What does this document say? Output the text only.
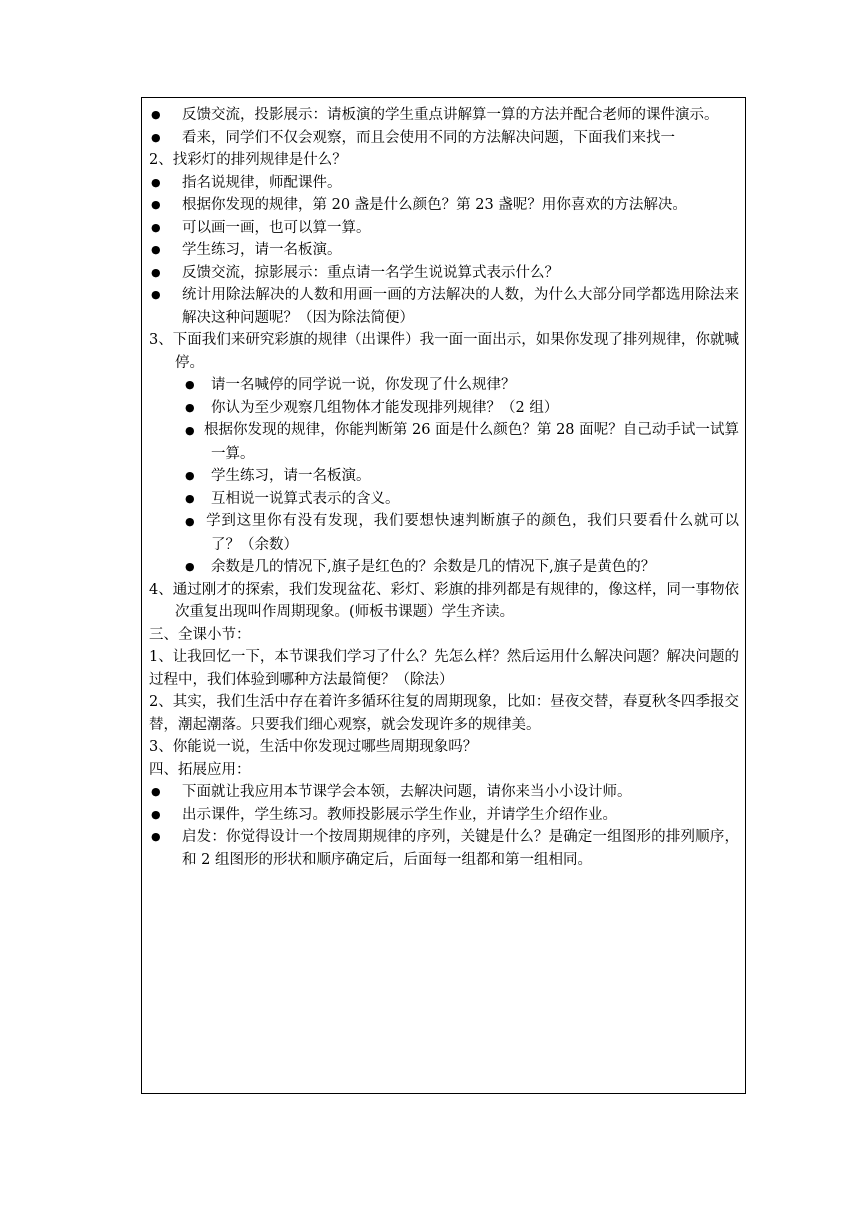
● 反馈交流，投影展示：请板演的学生重点讲解算一算的方法并配合老师的课件演示。

● 看来，同学们不仅会观察，而且会使用不同的方法解决问题，下面我们来找一

2、找彩灯的排列规律是什么？

● 指名说规律，师配课件。

● 根据你发现的规律，第 20 盏是什么颜色？第 23 盏呢？用你喜欢的方法解决。

● 可以画一画，也可以算一算。

● 学生练习，请一名板演。

● 反馈交流，掠影展示：重点请一名学生说说算式表示什么？

● 统计用除法解决的人数和用画一画的方法解决的人数，为什么大部分同学都选用除法来解决这种问题呢？（因为除法简便）

3、下面我们来研究彩旗的规律（出课件）我一面一面出示，如果你发现了排列规律，你就喊停。

● 请一名喊停的同学说一说，你发现了什么规律？

● 你认为至少观察几组物体才能发现排列规律？（2 组）

● 根据你发现的规律，你能判断第 26 面是什么颜色？第 28 面呢？自己动手试一试算一算。

● 学生练习，请一名板演。

● 互相说一说算式表示的含义。

● 学到这里你有没有发现，我们要想快速判断旗子的颜色，我们只要看什么就可以了？（余数）

● 余数是几的情况下,旗子是红色的？余数是几的情况下,旗子是黄色的？

4、通过刚才的探索，我们发现盆花、彩灯、彩旗的排列都是有规律的，像这样，同一事物依次重复出现叫作周期现象。(师板书课题）学生齐读。

三、全课小节：

1、让我回忆一下，本节课我们学习了什么？先怎么样？然后运用什么解决问题？解决问题的过程中，我们体验到哪种方法最简便？（除法）

2、其实，我们生活中存在着许多循环往复的周期现象，比如：昼夜交替，春夏秋冬四季报交替，潮起潮落。只要我们细心观察，就会发现许多的规律美。

3、你能说一说，生活中你发现过哪些周期现象吗？

四、拓展应用：

● 下面就让我应用本节课学会本领，去解决问题，请你来当小小设计师。

● 出示课件，学生练习。教师投影展示学生作业，并请学生介绍作业。

● 启发：你觉得设计一个按周期规律的序列，关键是什么？是确定一组图形的排列顺序，和 2 组图形的形状和顺序确定后，后面每一组都和第一组相同。
